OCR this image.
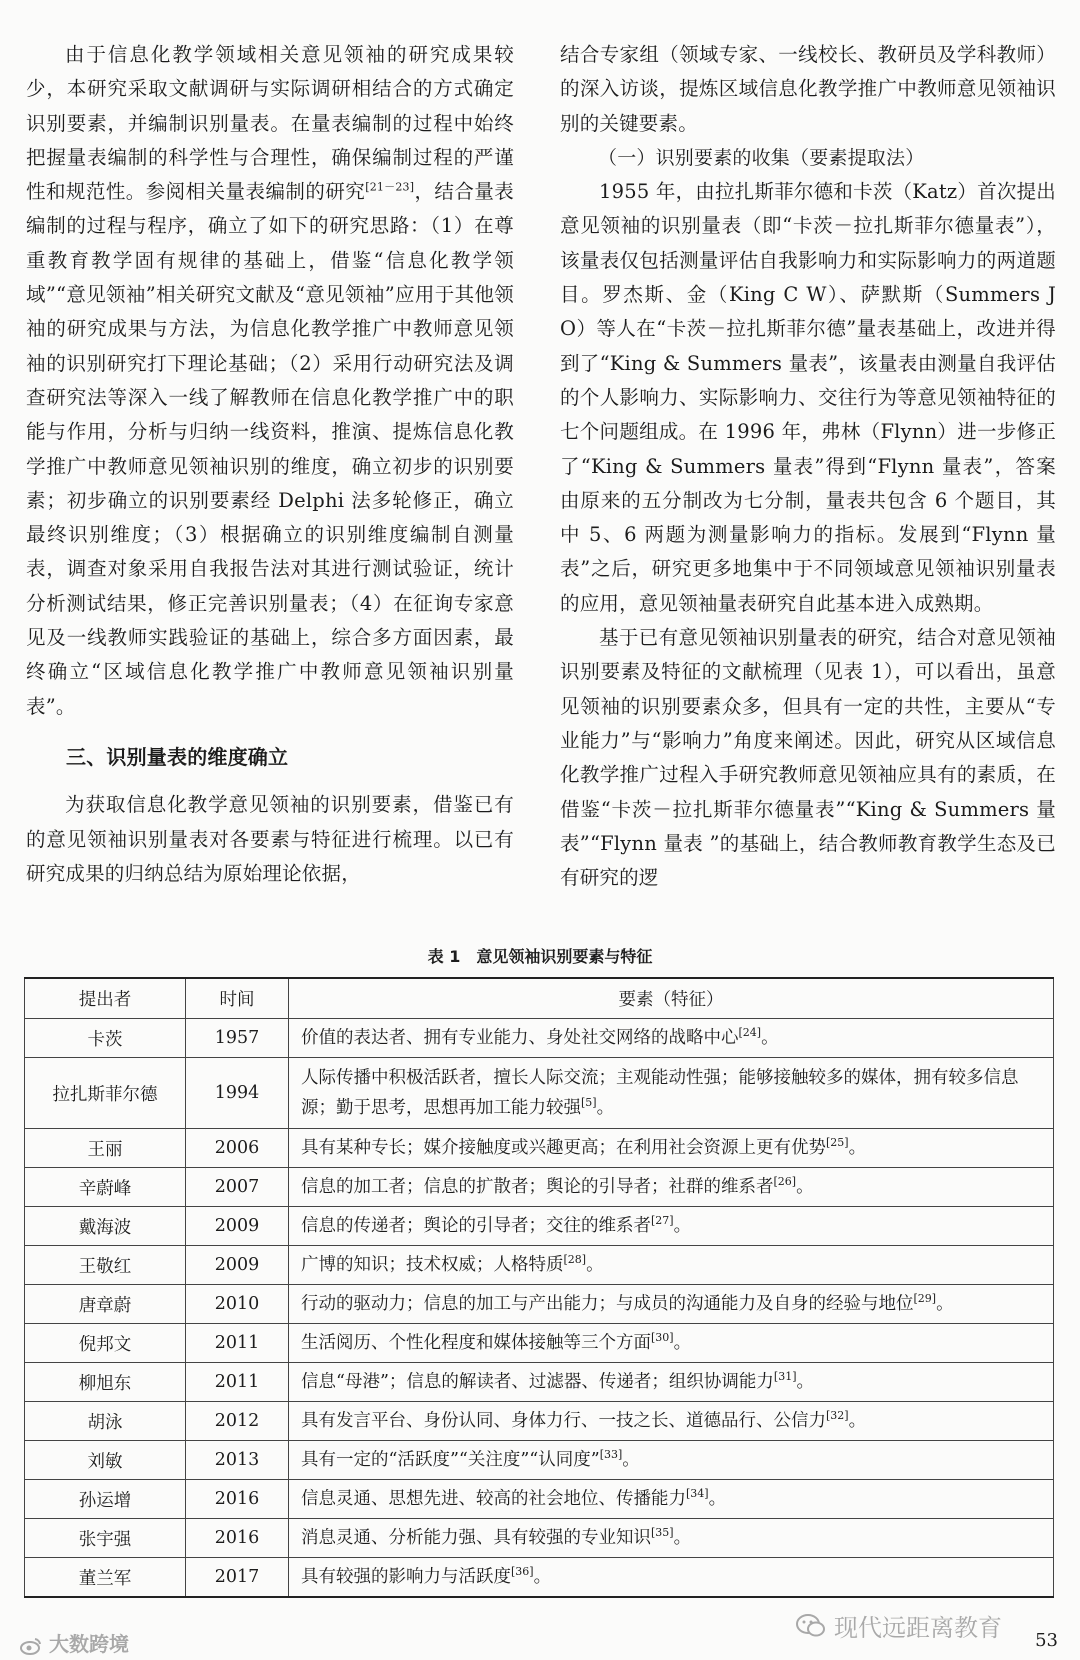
由于信息化教学领域相关意见领袖的研究成果较少，本研究采取文献调研与实际调研相结合的方式确定识别要素，并编制识别量表。在量表编制的过程中始终把握量表编制的科学性与合理性，确保编制过程的严谨性和规范性。参阅相关量表编制的研究[21－23]，结合量表编制的过程与程序，确立了如下的研究思路：（1）在尊重教育教学固有规律的基础上，借鉴“信息化教学领域”“意见领袖”相关研究文献及“意见领袖”应用于其他领袖的研究成果与方法，为信息化教学推广中教师意见领袖的识别研究打下理论基础；（2）采用行动研究法及调查研究法等深入一线了解教师在信息化教学推广中的职能与作用，分析与归纳一线资料，推演、提炼信息化教学推广中教师意见领袖识别的维度，确立初步的识别要素；初步确立的识别要素经 Delphi 法多轮修正，确立最终识别维度；（3）根据确立的识别维度编制自测量表，调查对象采用自我报告法对其进行测试验证，统计分析测试结果，修正完善识别量表；（4）在征询专家意见及一线教师实践验证的基础上，综合多方面因素，最终确立“区域信息化教学推广中教师意见领袖识别量表”。

三、识别量表的维度确立

为获取信息化教学意见领袖的识别要素，借鉴已有的意见领袖识别量表对各要素与特征进行梳理。以已有研究成果的归纳总结为原始理论依据，

结合专家组（领域专家、一线校长、教研员及学科教师）的深入访谈，提炼区域信息化教学推广中教师意见领袖识别的关键要素。

（一）识别要素的收集（要素提取法）

1955 年，由拉扎斯菲尔德和卡茨（Katz）首次提出意见领袖的识别量表（即“卡茨－拉扎斯菲尔德量表”），该量表仅包括测量评估自我影响力和实际影响力的两道题目。罗杰斯、金（King C W）、萨默斯（Summers J O）等人在“卡茨－拉扎斯菲尔德”量表基础上，改进并得到了“King & Summers 量表”，该量表由测量自我评估的个人影响力、实际影响力、交往行为等意见领袖特征的七个问题组成。在 1996 年，弗林（Flynn）进一步修正了“King & Summers 量表”得到“Flynn 量表”，答案由原来的五分制改为七分制，量表共包含 6 个题目，其中 5、6 两题为测量影响力的指标。发展到“Flynn 量表”之后，研究更多地集中于不同领域意见领袖识别量表的应用，意见领袖量表研究自此基本进入成熟期。

基于已有意见领袖识别量表的研究，结合对意见领袖识别要素及特征的文献梳理（见表 1），可以看出，虽意见领袖的识别要素众多，但具有一定的共性，主要从“专业能力”与“影响力”角度来阐述。因此，研究从区域信息化教学推广过程入手研究教师意见领袖应具有的素质，在借鉴“卡茨－拉扎斯菲尔德量表”“King & Summers 量表”“Flynn 量表 ”的基础上，结合教师教育教学生态及已有研究的逻

表 1 意见领袖识别要素与特征
提出者	时间	要素（特征）
卡茨	1957	价值的表达者、拥有专业能力、身处社交网络的战略中心[24]。
拉扎斯菲尔德	1994	人际传播中积极活跃者，擅长人际交流；主观能动性强；能够接触较多的媒体，拥有较多信息源；勤于思考，思想再加工能力较强[5]。
王丽	2006	具有某种专长；媒介接触度或兴趣更高；在利用社会资源上更有优势[25]。
辛蔚峰	2007	信息的加工者；信息的扩散者；舆论的引导者；社群的维系者[26]。
戴海波	2009	信息的传递者；舆论的引导者；交往的维系者[27]。
王敬红	2009	广博的知识；技术权威；人格特质[28]。
唐章蔚	2010	行动的驱动力；信息的加工与产出能力；与成员的沟通能力及自身的经验与地位[29]。
倪邦文	2011	生活阅历、个性化程度和媒体接触等三个方面[30]。
柳旭东	2011	信息“母港”；信息的解读者、过滤器、传递者；组织协调能力[31]。
胡泳	2012	具有发言平台、身份认同、身体力行、一技之长、道德品行、公信力[32]。
刘敏	2013	具有一定的“活跃度”“关注度”“认同度”[33]。
孙运增	2016	信息灵通、思想先进、较高的社会地位、传播能力[34]。
张宇强	2016	消息灵通、分析能力强、具有较强的专业知识[35]。
董兰军	2017	具有较强的影响力与活跃度[36]。
大数跨境
现代远距离教育 53
